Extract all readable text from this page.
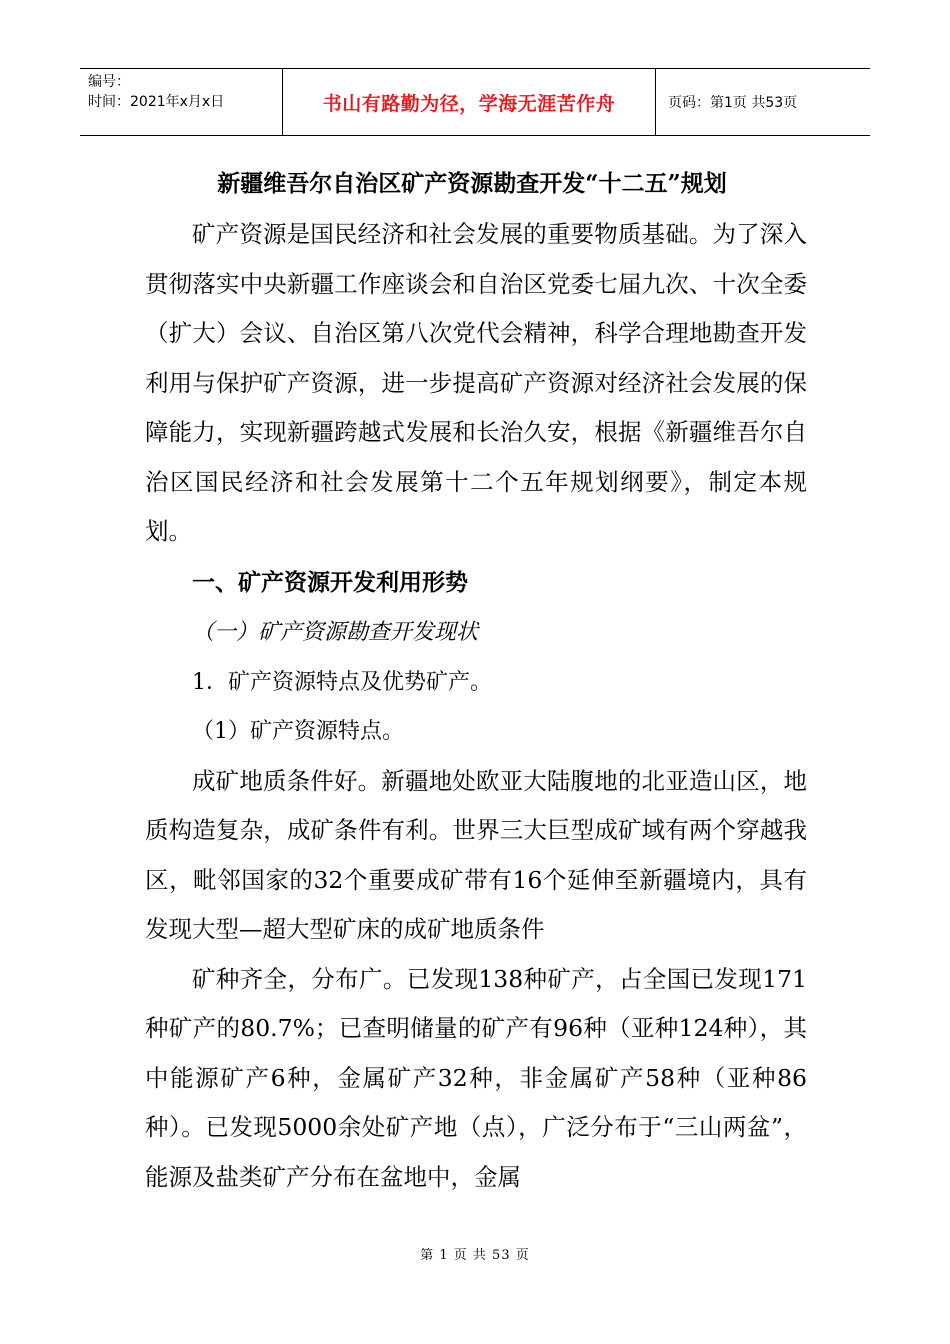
编号：
时间：2021年x月x日	书山有路勤为径，学海无涯苦作舟	页码：第1页 共53页
新疆维吾尔自治区矿产资源勘查开发“十二五”规划

矿产资源是国民经济和社会发展的重要物质基础。为了深入贯彻落实中央新疆工作座谈会和自治区党委七届九次、十次全委（扩大）会议、自治区第八次党代会精神，科学合理地勘查开发利用与保护矿产资源，进一步提高矿产资源对经济社会发展的保障能力，实现新疆跨越式发展和长治久安，根据《新疆维吾尔自治区国民经济和社会发展第十二个五年规划纲要》，制定本规划。

一、矿产资源开发利用形势
（一）矿产资源勘查开发现状
1．矿产资源特点及优势矿产。
（1）矿产资源特点。

成矿地质条件好。新疆地处欧亚大陆腹地的北亚造山区，地质构造复杂，成矿条件有利。世界三大巨型成矿域有两个穿越我区，毗邻国家的32个重要成矿带有16个延伸至新疆境内，具有发现大型—超大型矿床的成矿地质条件

矿种齐全，分布广。已发现138种矿产，占全国已发现171种矿产的80.7%；已查明储量的矿产有96种（亚种124种），其中能源矿产6种，金属矿产32种，非金属矿产58种（亚种86种）。已发现5000余处矿产地（点），广泛分布于“三山两盆”，能源及盐类矿产分布在盆地中，金属

第 1 页 共 53 页
